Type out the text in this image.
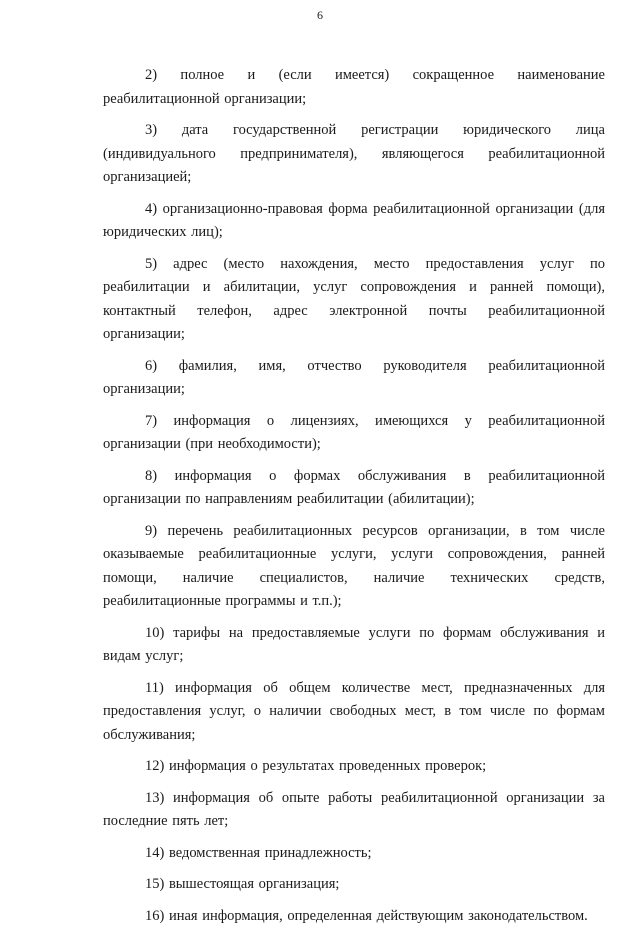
6

2) полное и (если имеется) сокращенное наименование реабилитационной организации;

3) дата государственной регистрации юридического лица (индивидуального предпринимателя), являющегося реабилитационной организацией;

4) организационно-правовая форма реабилитационной организации (для юридических лиц);

5) адрес (место нахождения, место предоставления услуг по реабилитации и абилитации, услуг сопровождения и ранней помощи), контактный телефон, адрес электронной почты реабилитационной организации;

6) фамилия, имя, отчество руководителя реабилитационной организации;

7) информация о лицензиях, имеющихся у реабилитационной организации (при необходимости);

8) информация о формах обслуживания в реабилитационной организации по направлениям реабилитации (абилитации);

9) перечень реабилитационных ресурсов организации, в том числе оказываемые реабилитационные услуги, услуги сопровождения, ранней помощи, наличие специалистов, наличие технических средств, реабилитационные программы и т.п.);

10) тарифы на предоставляемые услуги по формам обслуживания и видам услуг;

11) информация об общем количестве мест, предназначенных для предоставления услуг, о наличии свободных мест, в том числе по формам обслуживания;

12) информация о результатах проведенных проверок;

13) информация об опыте работы реабилитационной организации за последние пять лет;

14) ведомственная принадлежность;

15) вышестоящая организация;

16) иная информация, определенная действующим законодательством.
